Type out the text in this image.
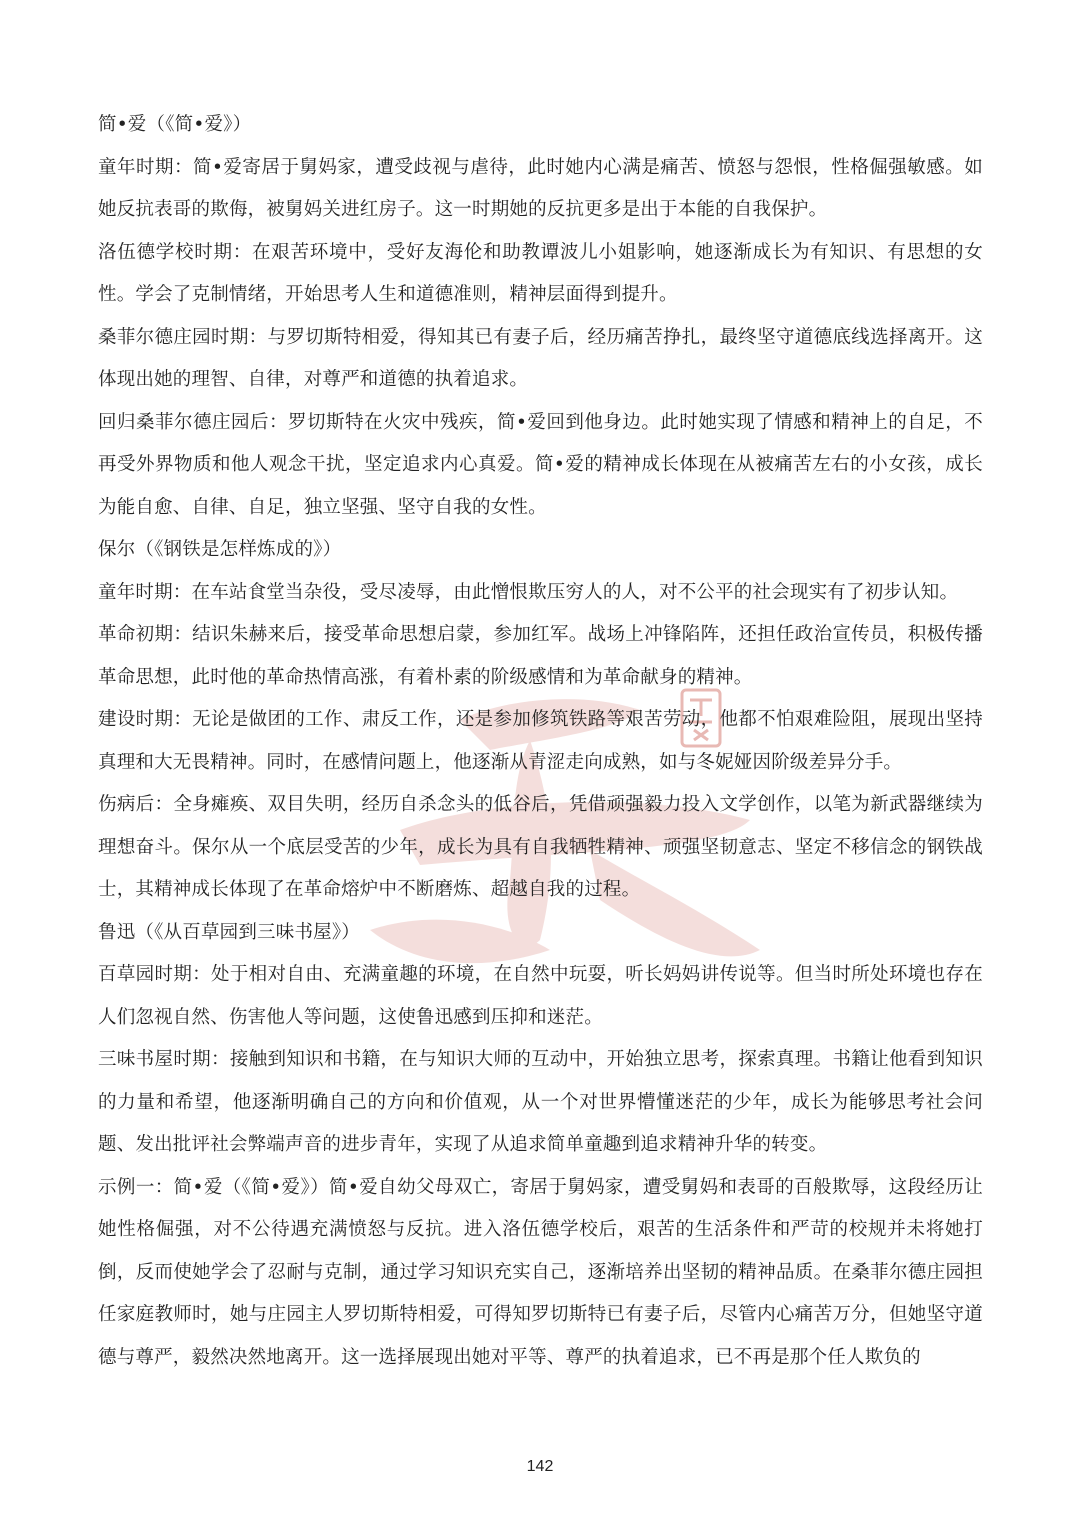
简•爱（《简•爱》）

童年时期：简•爱寄居于舅妈家，遭受歧视与虐待，此时她内心满是痛苦、愤怒与怨恨，性格倔强敏感。如她反抗表哥的欺侮，被舅妈关进红房子。这一时期她的反抗更多是出于本能的自我保护。

洛伍德学校时期：在艰苦环境中，受好友海伦和助教谭波儿小姐影响，她逐渐成长为有知识、有思想的女性。学会了克制情绪，开始思考人生和道德准则，精神层面得到提升。

桑菲尔德庄园时期：与罗切斯特相爱，得知其已有妻子后，经历痛苦挣扎，最终坚守道德底线选择离开。这体现出她的理智、自律，对尊严和道德的执着追求。

回归桑菲尔德庄园后：罗切斯特在火灾中残疾，简•爱回到他身边。此时她实现了情感和精神上的自足，不再受外界物质和他人观念干扰，坚定追求内心真爱。简•爱的精神成长体现在从被痛苦左右的小女孩，成长为能自愈、自律、自足，独立坚强、坚守自我的女性。

保尔（《钢铁是怎样炼成的》）

童年时期：在车站食堂当杂役，受尽凌辱，由此憎恨欺压穷人的人，对不公平的社会现实有了初步认知。

革命初期：结识朱赫来后，接受革命思想启蒙，参加红军。战场上冲锋陷阵，还担任政治宣传员，积极传播革命思想，此时他的革命热情高涨，有着朴素的阶级感情和为革命献身的精神。

建设时期：无论是做团的工作、肃反工作，还是参加修筑铁路等艰苦劳动，他都不怕艰难险阻，展现出坚持真理和大无畏精神。同时，在感情问题上，他逐渐从青涩走向成熟，如与冬妮娅因阶级差异分手。

伤病后：全身瘫痪、双目失明，经历自杀念头的低谷后，凭借顽强毅力投入文学创作，以笔为新武器继续为理想奋斗。保尔从一个底层受苦的少年，成长为具有自我牺牲精神、顽强坚韧意志、坚定不移信念的钢铁战士，其精神成长体现了在革命熔炉中不断磨炼、超越自我的过程。

鲁迅（《从百草园到三味书屋》）

百草园时期：处于相对自由、充满童趣的环境，在自然中玩耍，听长妈妈讲传说等。但当时所处环境也存在人们忽视自然、伤害他人等问题，这使鲁迅感到压抑和迷茫。

三味书屋时期：接触到知识和书籍，在与知识大师的互动中，开始独立思考，探索真理。书籍让他看到知识的力量和希望，他逐渐明确自己的方向和价值观，从一个对世界懵懂迷茫的少年，成长为能够思考社会问题、发出批评社会弊端声音的进步青年，实现了从追求简单童趣到追求精神升华的转变。

示例一：简•爱（《简•爱》）简•爱自幼父母双亡，寄居于舅妈家，遭受舅妈和表哥的百般欺辱，这段经历让她性格倔强，对不公待遇充满愤怒与反抗。进入洛伍德学校后，艰苦的生活条件和严苛的校规并未将她打倒，反而使她学会了忍耐与克制，通过学习知识充实自己，逐渐培养出坚韧的精神品质。在桑菲尔德庄园担任家庭教师时，她与庄园主人罗切斯特相爱，可得知罗切斯特已有妻子后，尽管内心痛苦万分，但她坚守道德与尊严，毅然决然地离开。这一选择展现出她对平等、尊严的执着追求，已不再是那个任人欺负的

142
